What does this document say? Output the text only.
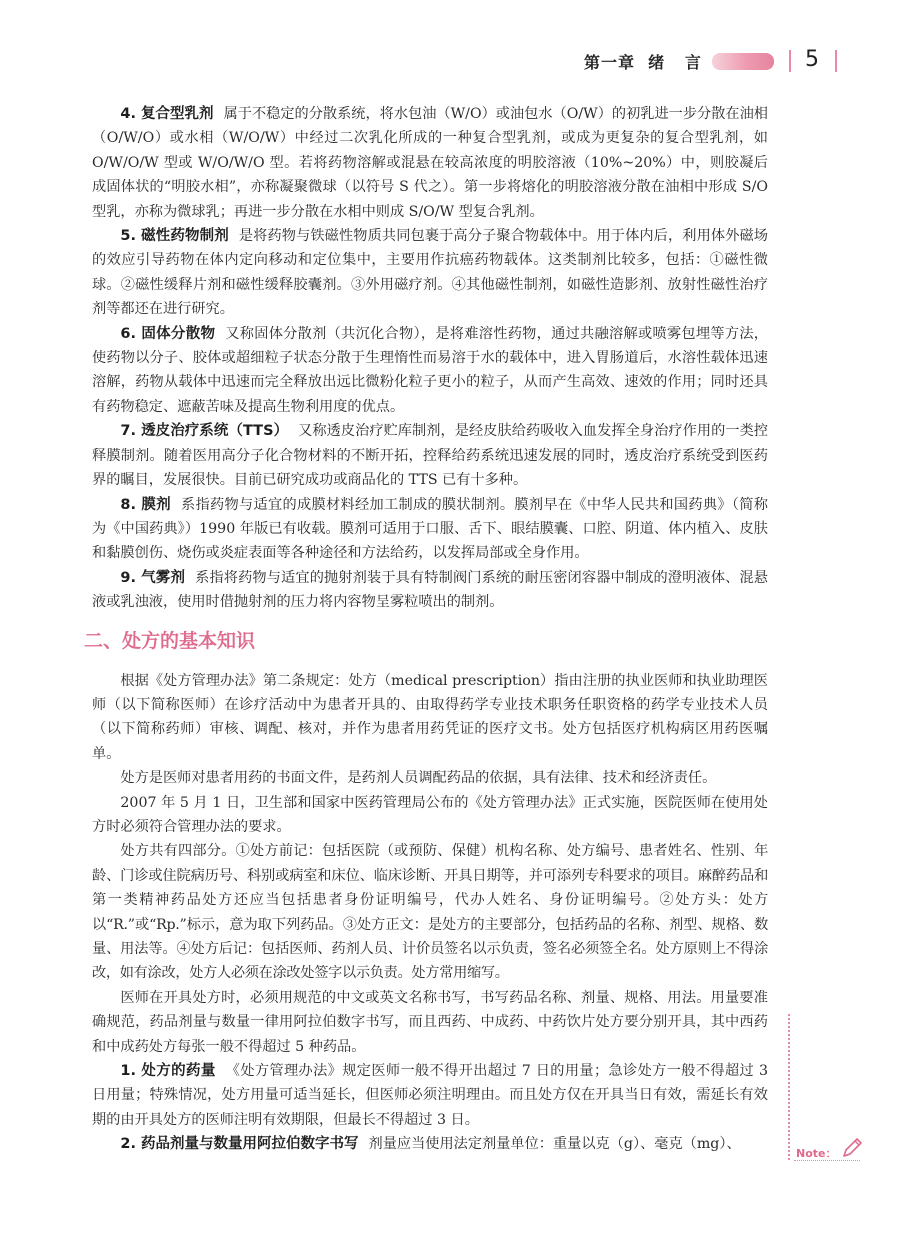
第一章  绪   言	5

4. 复合型乳剂 属于不稳定的分散系统，将水包油（W/O）或油包水（O/W）的初乳进一步分散在油相（O/W/O）或水相（W/O/W）中经过二次乳化所成的一种复合型乳剂，或成为更复杂的复合型乳剂，如 O/W/O/W 型或 W/O/W/O 型。若将药物溶解或混悬在较高浓度的明胶溶液（10%~20%）中，则胶凝后成固体状的“明胶水相”，亦称凝聚微球（以符号 S 代之）。第一步将熔化的明胶溶液分散在油相中形成 S/O 型乳，亦称为微球乳；再进一步分散在水相中则成 S/O/W 型复合乳剂。

5. 磁性药物制剂 是将药物与铁磁性物质共同包裹于高分子聚合物载体中。用于体内后，利用体外磁场的效应引导药物在体内定向移动和定位集中，主要用作抗癌药物载体。这类制剂比较多，包括：①磁性微球。②磁性缓释片剂和磁性缓释胶囊剂。③外用磁疗剂。④其他磁性制剂，如磁性造影剂、放射性磁性治疗剂等都还在进行研究。

6. 固体分散物 又称固体分散剂（共沉化合物），是将难溶性药物，通过共融溶解或喷雾包埋等方法，使药物以分子、胶体或超细粒子状态分散于生理惰性而易溶于水的载体中，进入胃肠道后，水溶性载体迅速溶解，药物从载体中迅速而完全释放出远比微粉化粒子更小的粒子，从而产生高效、速效的作用；同时还具有药物稳定、遮蔽苦味及提高生物利用度的优点。

7. 透皮治疗系统（TTS） 又称透皮治疗贮库制剂，是经皮肤给药吸收入血发挥全身治疗作用的一类控释膜制剂。随着医用高分子化合物材料的不断开拓，控释给药系统迅速发展的同时，透皮治疗系统受到医药界的瞩目，发展很快。目前已研究成功或商品化的 TTS 已有十多种。

8. 膜剂 系指药物与适宜的成膜材料经加工制成的膜状制剂。膜剂早在《中华人民共和国药典》（简称为《中国药典》）1990 年版已有收载。膜剂可适用于口服、舌下、眼结膜囊、口腔、阴道、体内植入、皮肤和黏膜创伤、烧伤或炎症表面等各种途径和方法给药，以发挥局部或全身作用。

9. 气雾剂 系指将药物与适宜的抛射剂装于具有特制阀门系统的耐压密闭容器中制成的澄明液体、混悬液或乳浊液，使用时借抛射剂的压力将内容物呈雾粒喷出的制剂。

二、处方的基本知识

根据《处方管理办法》第二条规定：处方（medical prescription）指由注册的执业医师和执业助理医师（以下简称医师）在诊疗活动中为患者开具的、由取得药学专业技术职务任职资格的药学专业技术人员（以下简称药师）审核、调配、核对，并作为患者用药凭证的医疗文书。处方包括医疗机构病区用药医嘱单。

处方是医师对患者用药的书面文件，是药剂人员调配药品的依据，具有法律、技术和经济责任。

2007 年 5 月 1 日，卫生部和国家中医药管理局公布的《处方管理办法》正式实施，医院医师在使用处方时必须符合管理办法的要求。

处方共有四部分。①处方前记：包括医院（或预防、保健）机构名称、处方编号、患者姓名、性别、年龄、门诊或住院病历号、科别或病室和床位、临床诊断、开具日期等，并可添列专科要求的项目。麻醉药品和第一类精神药品处方还应当包括患者身份证明编号，代办人姓名、身份证明编号。②处方头：处方以“R.”或“Rp.”标示，意为取下列药品。③处方正文：是处方的主要部分，包括药品的名称、剂型、规格、数量、用法等。④处方后记：包括医师、药剂人员、计价员签名以示负责，签名必须签全名。处方原则上不得涂改，如有涂改，处方人必须在涂改处签字以示负责。处方常用缩写。

医师在开具处方时，必须用规范的中文或英文名称书写，书写药品名称、剂量、规格、用法。用量要准确规范，药品剂量与数量一律用阿拉伯数字书写，而且西药、中成药、中药饮片处方要分别开具，其中西药和中成药处方每张一般不得超过 5 种药品。

1. 处方的药量 《处方管理办法》规定医师一般不得开出超过 7 日的用量；急诊处方一般不得超过 3 日用量；特殊情况，处方用量可适当延长，但医师必须注明理由。而且处方仅在开具当日有效，需延长有效期的由开具处方的医师注明有效期限，但最长不得超过 3 日。

2. 药品剂量与数量用阿拉伯数字书写 剂量应当使用法定剂量单位：重量以克（g）、毫克（mg）、

Note：
